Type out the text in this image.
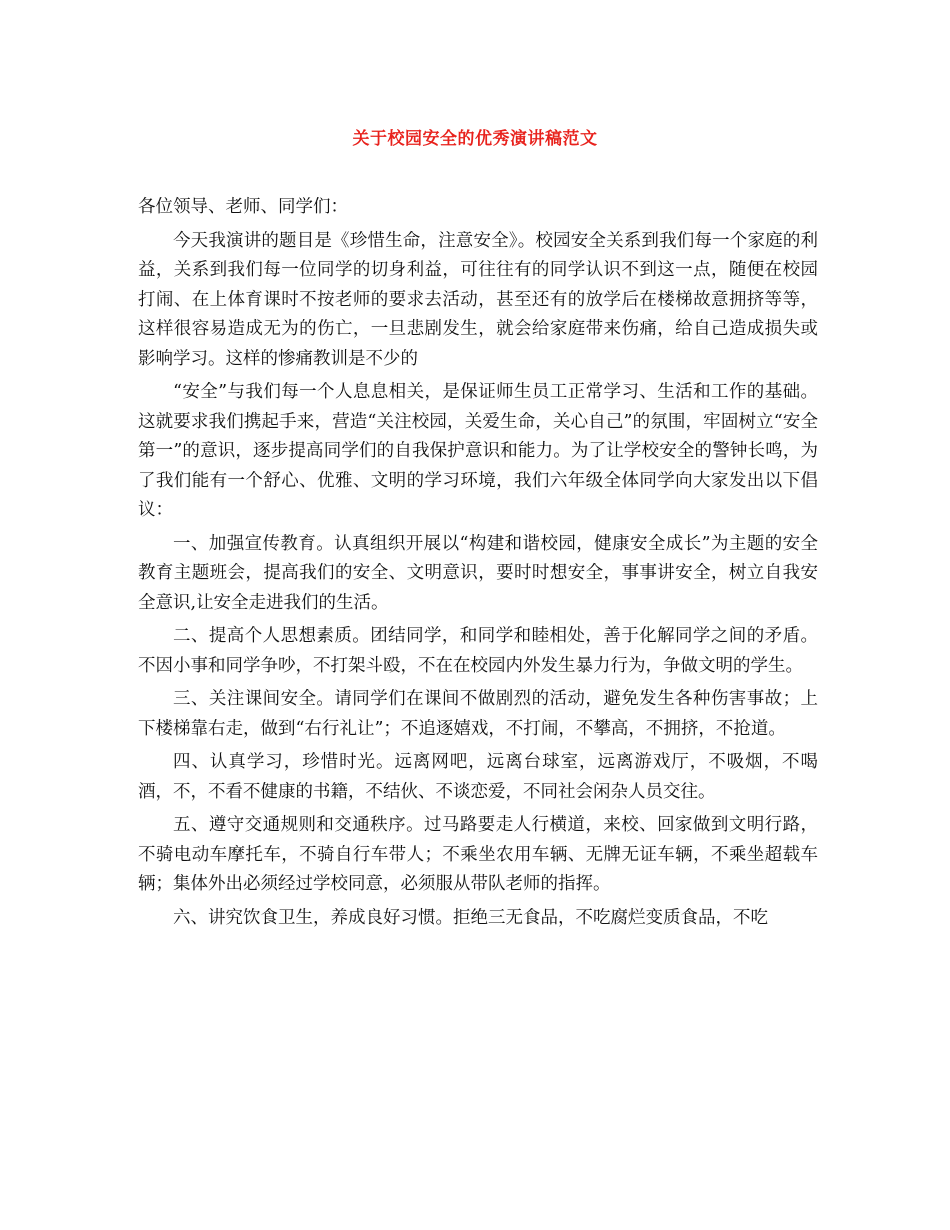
关于校园安全的优秀演讲稿范文

各位领导、老师、同学们：

今天我演讲的题目是《珍惜生命，注意安全》。校园安全关系到我们每一个家庭的利益，关系到我们每一位同学的切身利益，可往往有的同学认识不到这一点，随便在校园打闹、在上体育课时不按老师的要求去活动，甚至还有的放学后在楼梯故意拥挤等等，这样很容易造成无为的伤亡，一旦悲剧发生，就会给家庭带来伤痛，给自己造成损失或影响学习。这样的惨痛教训是不少的

“安全”与我们每一个人息息相关，是保证师生员工正常学习、生活和工作的基础。这就要求我们携起手来，营造“关注校园，关爱生命，关心自己”的氛围，牢固树立“安全第一”的意识，逐步提高同学们的自我保护意识和能力。为了让学校安全的警钟长鸣，为了我们能有一个舒心、优雅、文明的学习环境，我们六年级全体同学向大家发出以下倡议：

一、加强宣传教育。认真组织开展以“构建和谐校园，健康安全成长”为主题的安全教育主题班会，提高我们的安全、文明意识，要时时想安全，事事讲安全，树立自我安全意识,让安全走进我们的生活。

二、提高个人思想素质。团结同学，和同学和睦相处，善于化解同学之间的矛盾。不因小事和同学争吵，不打架斗殴，不在在校园内外发生暴力行为，争做文明的学生。

三、关注课间安全。请同学们在课间不做剧烈的活动，避免发生各种伤害事故；上下楼梯靠右走，做到“右行礼让”；不追逐嬉戏，不打闹，不攀高，不拥挤，不抢道。

四、认真学习，珍惜时光。远离网吧，远离台球室，远离游戏厅，不吸烟，不喝酒，不，不看不健康的书籍，不结伙、不谈恋爱，不同社会闲杂人员交往。

五、遵守交通规则和交通秩序。过马路要走人行横道，来校、回家做到文明行路，不骑电动车摩托车，不骑自行车带人；不乘坐农用车辆、无牌无证车辆，不乘坐超载车辆；集体外出必须经过学校同意，必须服从带队老师的指挥。

六、讲究饮食卫生，养成良好习惯。拒绝三无食品，不吃腐烂变质食品，不吃
